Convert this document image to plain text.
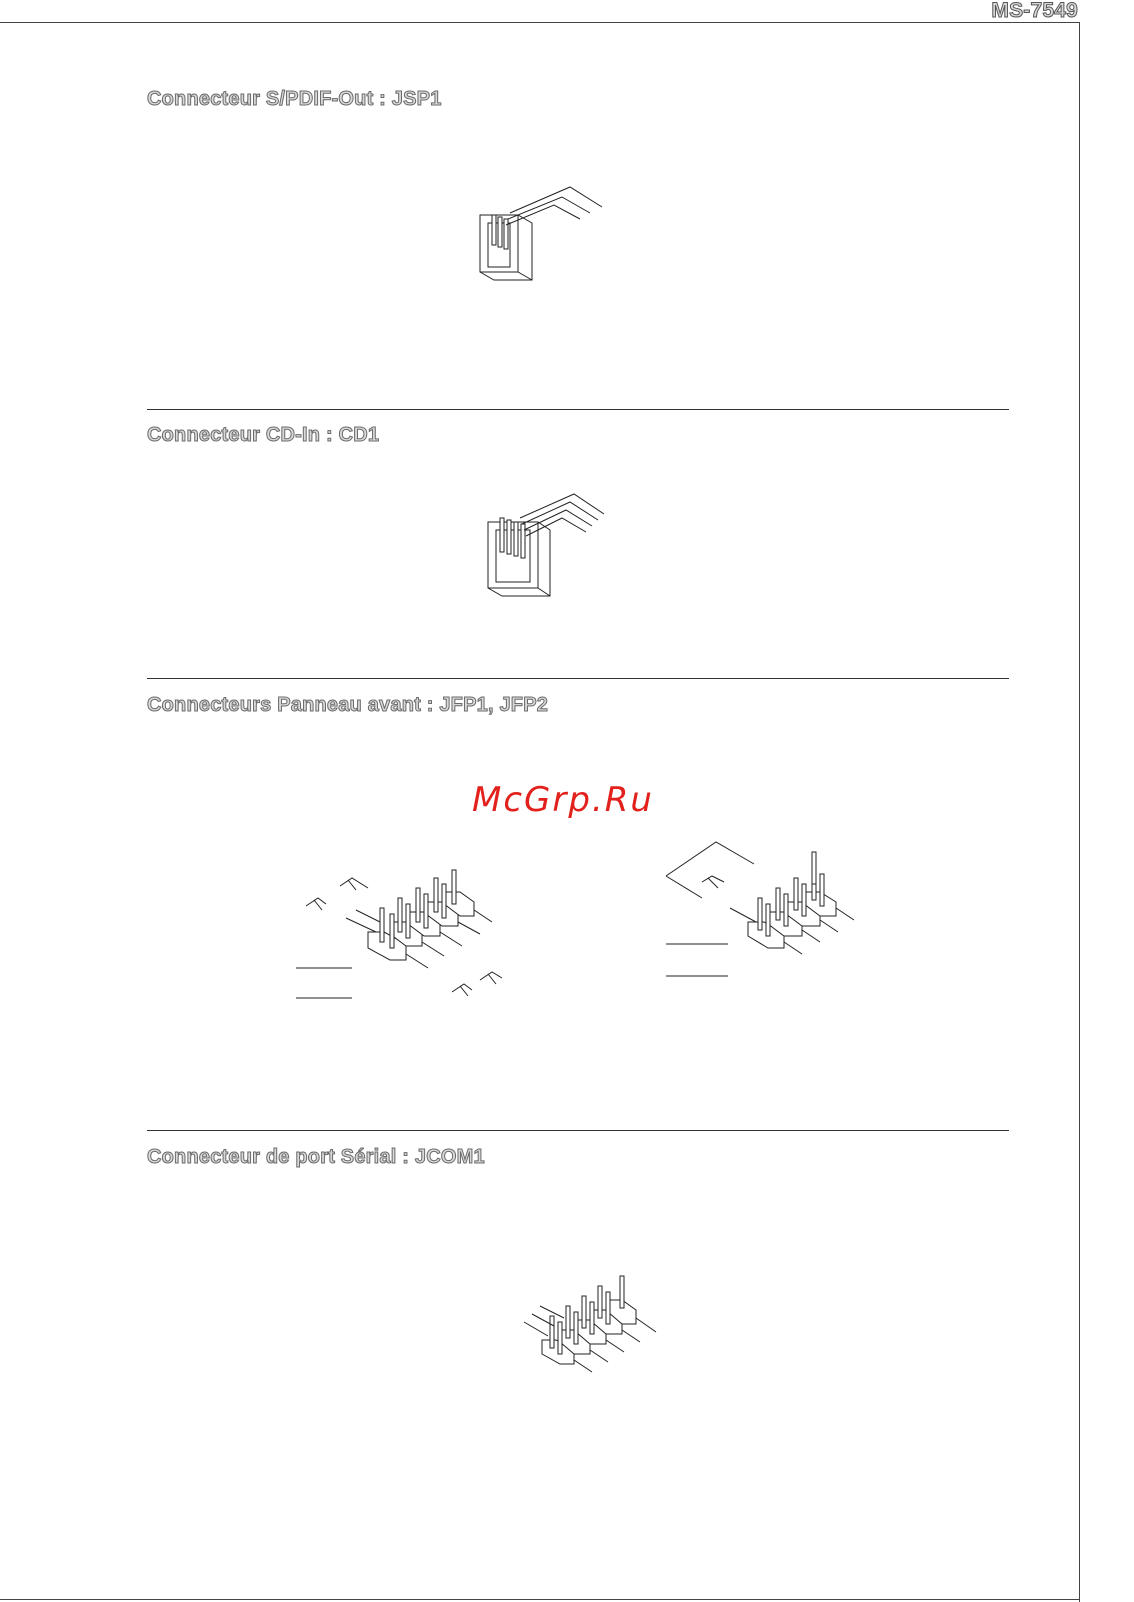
MS-7549
Connecteur S/PDIF-Out : JSP1
Connecteur CD-In : CD1
Connecteurs Panneau avant : JFP1, JFP2
McGrp.Ru
Connecteur de port Sérial : JCOM1
